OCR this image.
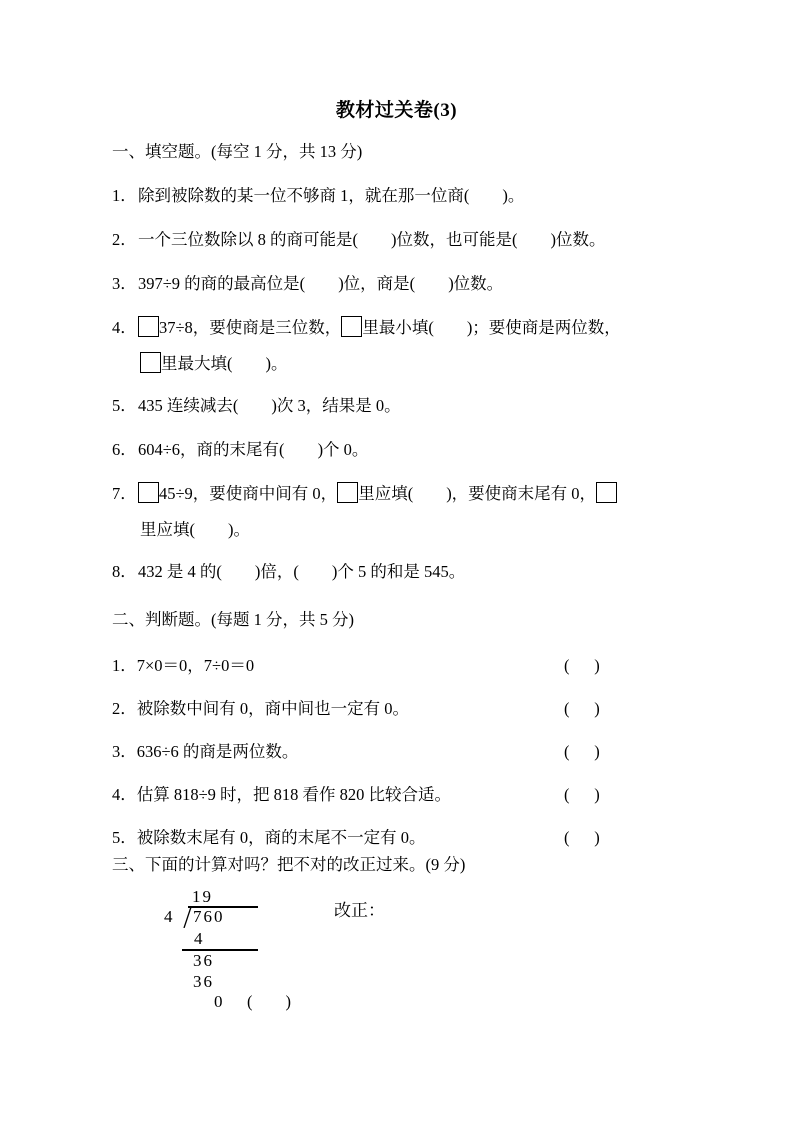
教材过关卷(3)
一、填空题。(每空 1 分，共 13 分)
1．除到被除数的某一位不够商 1，就在那一位商( )。
2．一个三位数除以 8 的商可能是( )位数，也可能是( )位数。
3．397÷9 的商的最高位是( )位，商是( )位数。
4． 37÷8，要使商是三位数， 里最小填( )；要使商是两位数，
里最大填( )。
5．435 连续减去( )次 3，结果是 0。
6．604÷6，商的末尾有( )个 0。
7． 45÷9，要使商中间有 0， 里应填( )，要使商末尾有 0，
里应填( )。
8．432 是 4 的( )倍，( )个 5 的和是 545。
二、判断题。(每题 1 分，共 5 分)
1．7×0＝0，7÷0＝0	(      )
2．被除数中间有 0，商中间也一定有 0。	(      )
3．636÷6 的商是两位数。	(      )
4．估算 818÷9 时，把 818 看作 820 比较合适。	(      )
5．被除数末尾有 0，商的末尾不一定有 0。	(      )
三、下面的计算对吗？把不对的改正过来。(9 分)
19
4 760
4
36
36
0 (        )
改正：
